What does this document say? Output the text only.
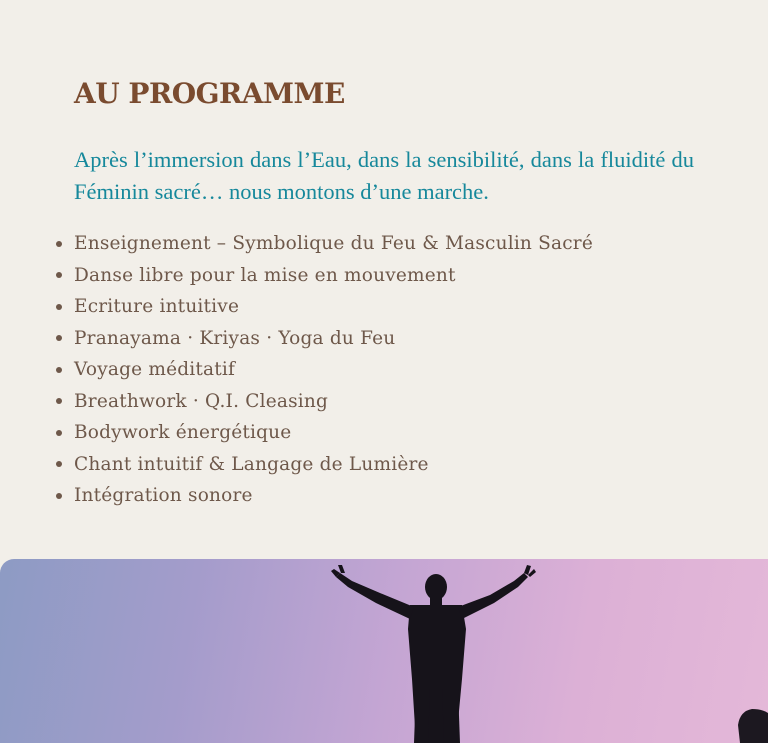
AU PROGRAMME

Après l’immersion dans l’Eau, dans la sensibilité, dans la fluidité du Féminin sacré… nous montons d’une marche.

Enseignement – Symbolique du Feu & Masculin Sacré
Danse libre pour la mise en mouvement
Ecriture intuitive
Pranayama · Kriyas · Yoga du Feu
Voyage méditatif
Breathwork · Q.I. Cleasing
Bodywork énergétique
Chant intuitif & Langage de Lumière
Intégration sonore
